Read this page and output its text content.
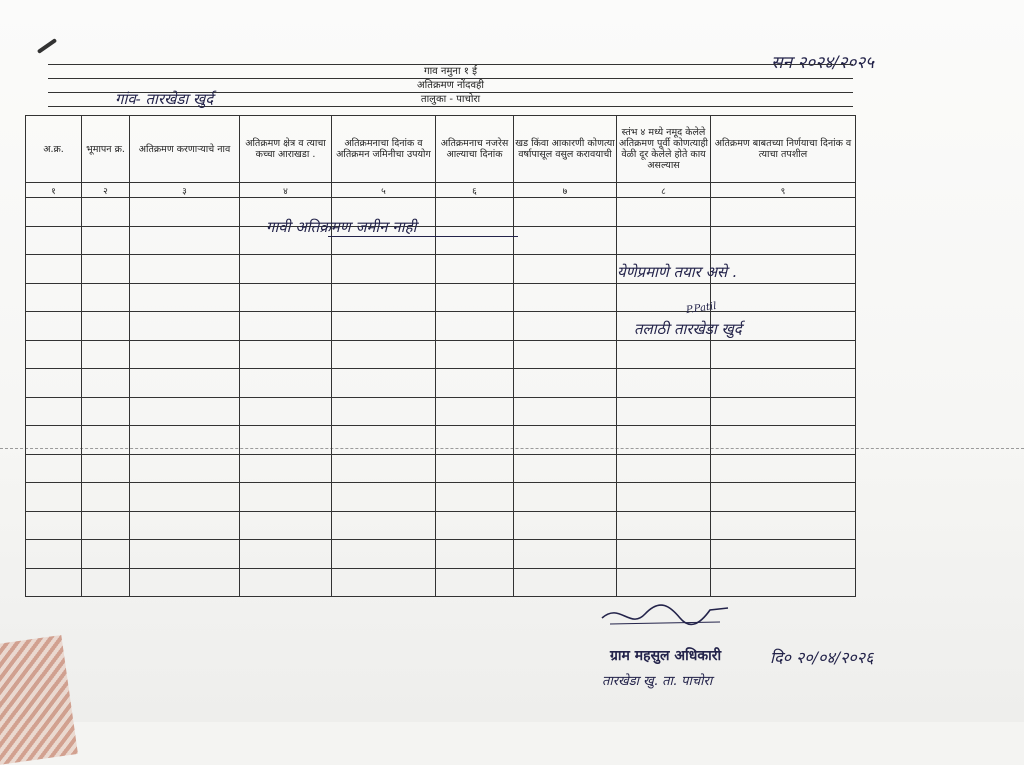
सन २०२४/२०२५
गाव नमुना १ ई
अतिक्रमण नोंदवही
तालुका - पाचोरा
गांव- तारखेडा खुर्द
अ.क्र.	भूमापन क्र.	अतिक्रमण करणाऱ्याचे नाव	अतिक्रमण क्षेत्र व त्याचा कच्चा आराखडा .	अतिक्रमनाचा दिनांक व अतिक्रमन जमिनीचा उपयोग	अतिक्रमनाच नजरेस आल्याचा दिनांक	खड किंवा आकारणी कोणत्या वर्षापासूल वसुल करावयाची	स्तंभ ४ मध्ये नमूद केलेले अतिक्रमण पूर्वी कोणत्याही वेळी दूर केलेले होते काय असल्यास	अतिक्रमण बाबतच्या निर्णयाचा दिनांक व त्याचा तपशील
१	२	३	४	५	६	७	८	९

गावी अतिक्रमण जमीन नाही
येणेप्रमाणे तयार असे .
P.Patil
तलाठी तारखेडा खुर्द
ग्राम महसुल अधिकारी	दि० २०/०४/२०२६
तारखेडा खु. ता. पाचोरा
